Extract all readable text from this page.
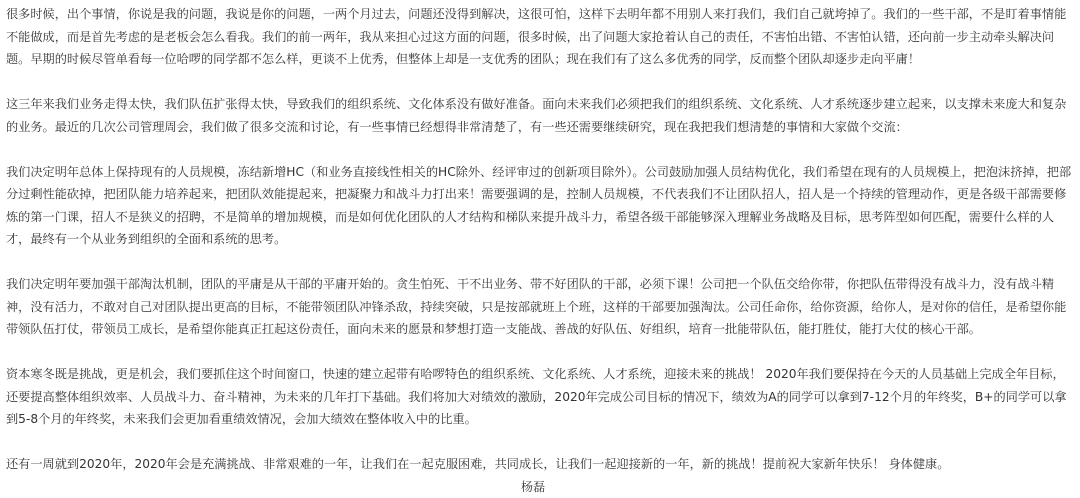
很多时候，出个事情，你说是我的问题，我说是你的问题，一两个月过去，问题还没得到解决，这很可怕，这样下去明年都不用别人来打我们，我们自己就垮掉了。我们的一些干部，不是盯着事情能不能做成，而是首先考虑的是老板会怎么看我。我们的前一两年，我从来担心过这方面的问题，很多时候，出了问题大家抢着认自己的责任，不害怕出错、不害怕认错，还向前一步主动牵头解决问题。早期的时候尽管单看每一位哈啰的同学都不怎么样，更谈不上优秀，但整体上却是一支优秀的团队；现在我们有了这么多优秀的同学，反而整个团队却逐步走向平庸！

这三年来我们业务走得太快，我们队伍扩张得太快，导致我们的组织系统、文化体系没有做好准备。面向未来我们必须把我们的组织系统、文化系统、人才系统逐步建立起来，以支撑未来庞大和复杂的业务。最近的几次公司管理周会，我们做了很多交流和讨论，有一些事情已经想得非常清楚了，有一些还需要继续研究，现在我把我们想清楚的事情和大家做个交流：

我们决定明年总体上保持现有的人员规模，冻结新增HC（和业务直接线性相关的HC除外、经评审过的创新项目除外）。公司鼓励加强人员结构优化，我们希望在现有的人员规模上，把泡沫挤掉，把部分过剩性能砍掉，把团队能力培养起来，把团队效能提起来，把凝聚力和战斗力打出来！需要强调的是，控制人员规模，不代表我们不让团队招人，招人是一个持续的管理动作，更是各级干部需要修炼的第一门课，招人不是狭义的招聘，不是简单的增加规模，而是如何优化团队的人才结构和梯队来提升战斗力，希望各级干部能够深入理解业务战略及目标，思考阵型如何匹配，需要什么样的人才，最终有一个从业务到组织的全面和系统的思考。

我们决定明年要加强干部淘汰机制，团队的平庸是从干部的平庸开始的。贪生怕死、干不出业务、带不好团队的干部，必须下课！公司把一个队伍交给你带，你把队伍带得没有战斗力，没有战斗精神，没有活力，不敢对自己对团队提出更高的目标，不能带领团队冲锋杀敌，持续突破，只是按部就班上个班，这样的干部要加强淘汰。公司任命你，给你资源，给你人，是对你的信任，是希望你能带领队伍打仗，带领员工成长，是希望你能真正扛起这份责任，面向未来的愿景和梦想打造一支能战、善战的好队伍、好组织，培育一批能带队伍，能打胜仗，能打大仗的核心干部。

资本寒冬既是挑战，更是机会，我们要抓住这个时间窗口，快速的建立起带有哈啰特色的组织系统、文化系统、人才系统，迎接未来的挑战！ 2020年我们要保持在今天的人员基础上完成全年目标，还要提高整体组织效率、人员战斗力、奋斗精神，为未来的几年打下基础。我们将加大对绩效的激励，2020年完成公司目标的情况下，绩效为A的同学可以拿到7-12个月的年终奖，B+的同学可以拿到5-8个月的年终奖，未来我们会更加看重绩效情况，会加大绩效在整体收入中的比重。

还有一周就到2020年，2020年会是充满挑战、非常艰难的一年，让我们在一起克服困难，共同成长，让我们一起迎接新的一年，新的挑战！提前祝大家新年快乐！ 身体健康。

杨磊
